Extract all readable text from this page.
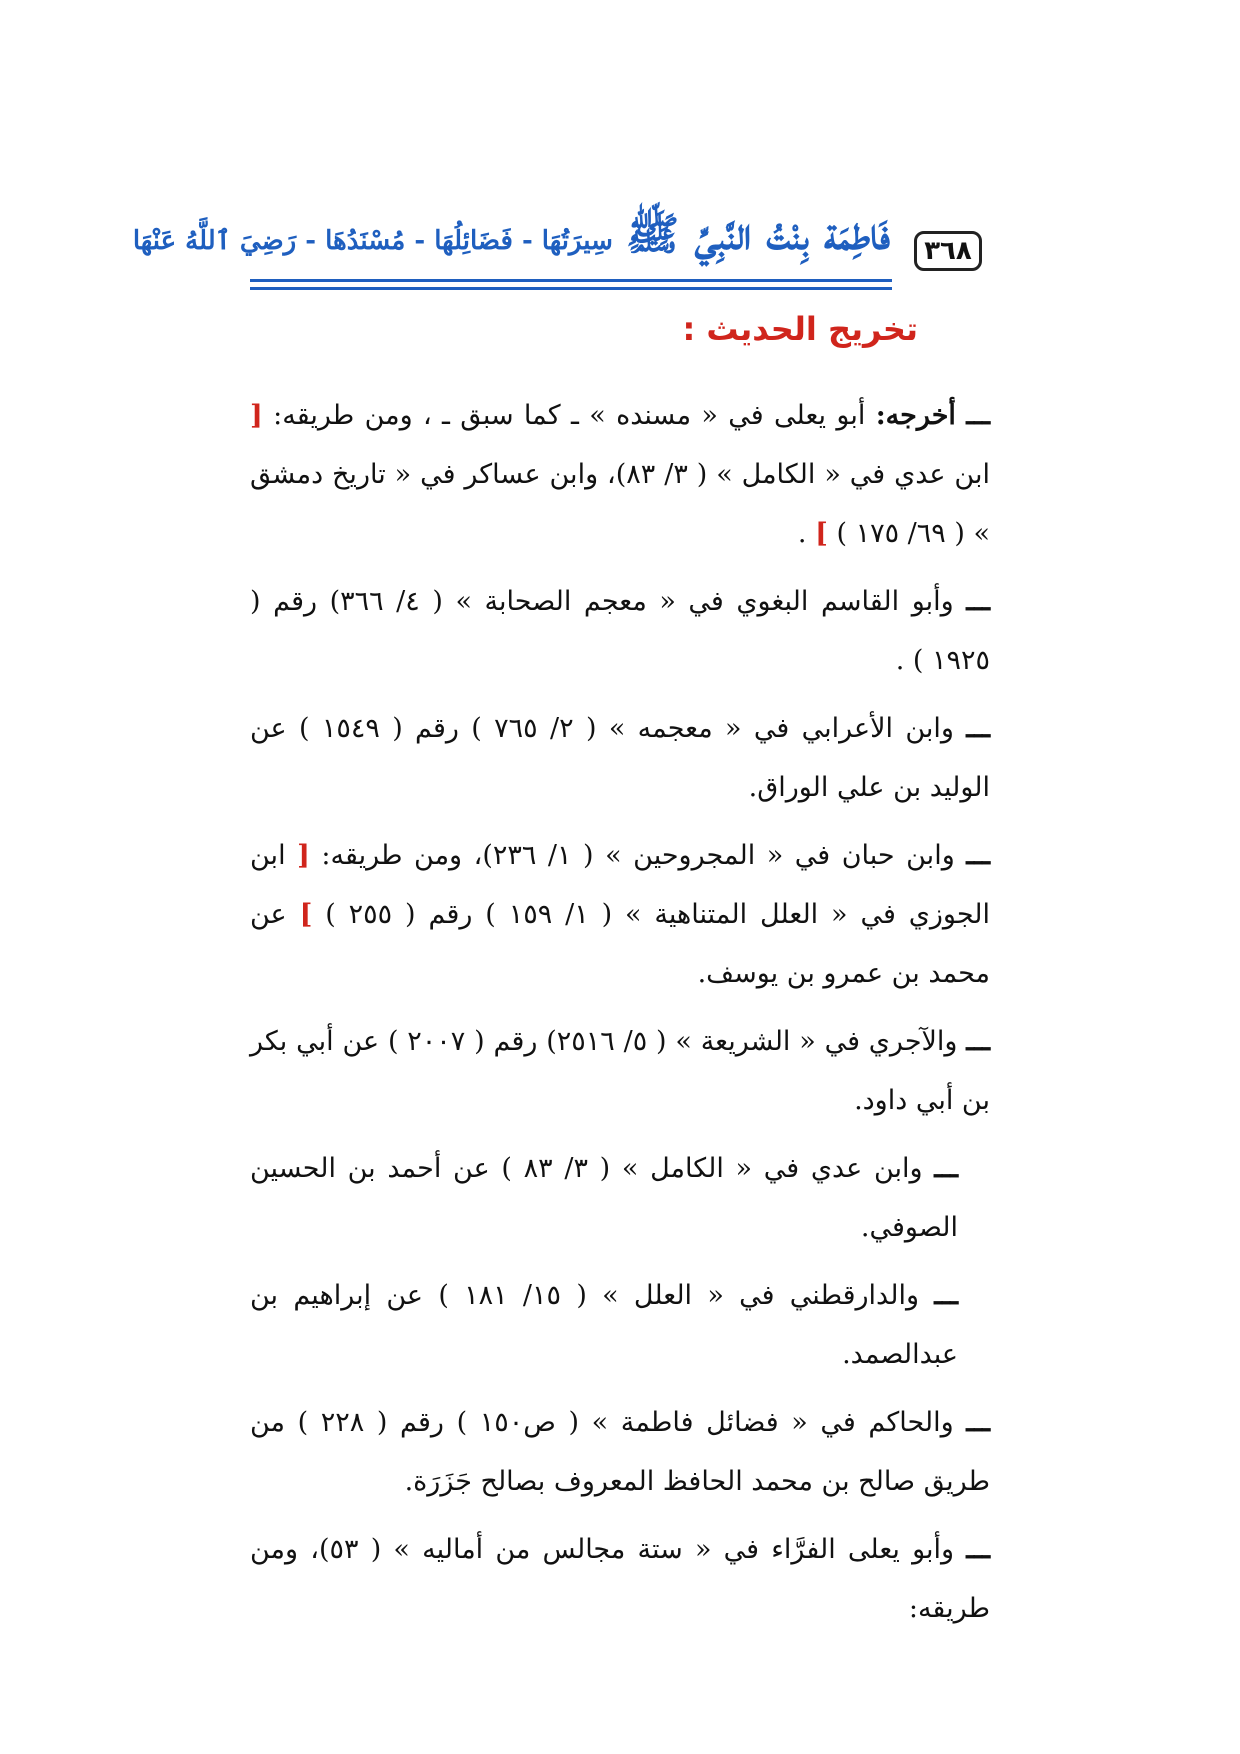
٣٦٨
فَاطِمَة بِنْتُ النَّبِيِّ ﷺ سِيرَتُهَا - فَضَائِلُهَا - مُسْنَدُهَا - رَضِيَ ٱللَّهُ عَنْهَا
تخريج الحديث :

ـــ أخرجه: أبو يعلى في « مسنده » ـ كما سبق ـ ، ومن طريقه: [ ابن عدي في « الكامل » ( ٣/ ٨٣)، وابن عساكر في « تاريخ دمشق » ( ٦٩/ ١٧٥ ) ] .

ـــ وأبو القاسم البغوي في « معجم الصحابة » ( ٤/ ٣٦٦) رقم ( ١٩٢٥ ) .

ـــ وابن الأعرابي في « معجمه » ( ٢/ ٧٦٥ ) رقم ( ١٥٤٩ ) عن الوليد بن علي الوراق.

ـــ وابن حبان في « المجروحين » ( ١/ ٢٣٦)، ومن طريقه: [ ابن الجوزي في « العلل المتناهية » ( ١/ ١٥٩ ) رقم ( ٢٥٥ ) ] عن محمد بن عمرو بن يوسف.

ـــ والآجري في « الشريعة » ( ٥/ ٢٥١٦) رقم ( ٢٠٠٧ ) عن أبي بكر بن أبي داود.

ـــ وابن عدي في « الكامل » ( ٣/ ٨٣ ) عن أحمد بن الحسين الصوفي.

ـــ والدارقطني في « العلل » ( ١٥/ ١٨١ ) عن إبراهيم بن عبدالصمد.

ـــ والحاكم في « فضائل فاطمة » ( ص١٥٠ ) رقم ( ٢٢٨ ) من طريق صالح بن محمد الحافظ المعروف بصالح جَزَرَة.

ـــ وأبو يعلى الفرَّاء في « ستة مجالس من أماليه » ( ٥٣)، ومن طريقه:
